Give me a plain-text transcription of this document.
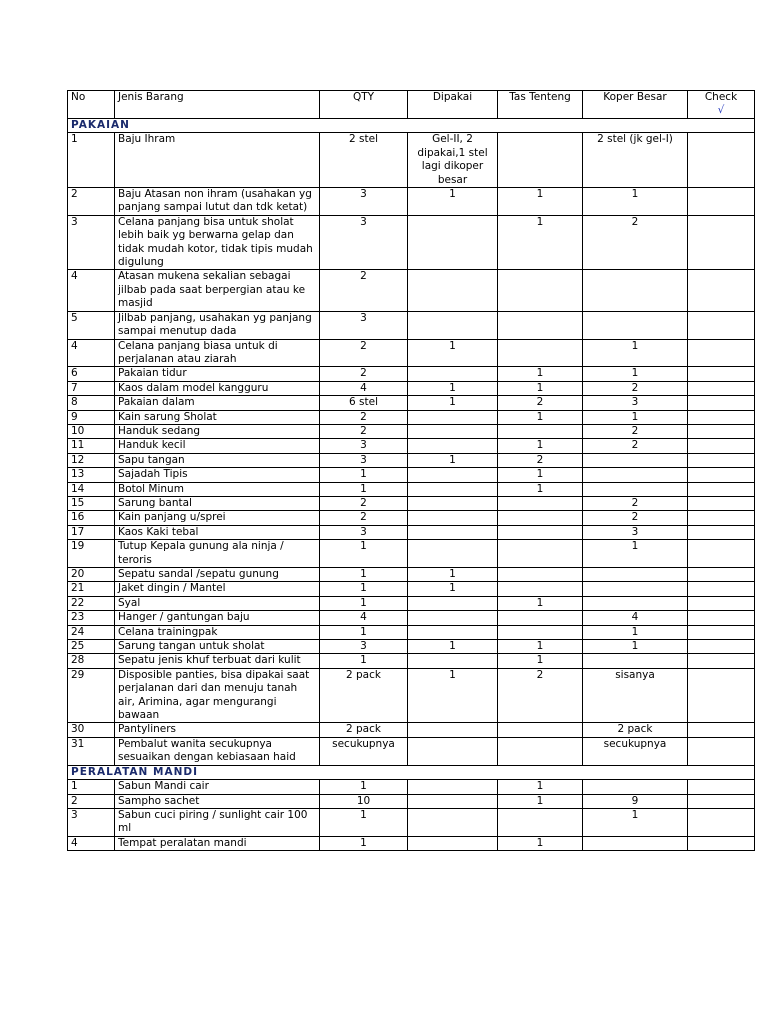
No	Jenis Barang	QTY	Dipakai	Tas Tenteng	Koper Besar	Check
√
PAKAIAN						
1	Baju Ihram	2 stel	Gel-II, 2 dipakai,1 stel lagi dikoper besar		2 stel (jk gel-I)	
2	Baju Atasan non ihram (usahakan yg panjang sampai lutut dan tdk ketat)	3	1	1	1	
3	Celana panjang bisa untuk sholat lebih baik yg berwarna gelap dan tidak mudah kotor, tidak tipis mudah digulung	3		1	2	
4	Atasan mukena sekalian sebagai jilbab pada saat berpergian atau ke masjid	2				
5	Jilbab panjang, usahakan yg panjang sampai menutup dada	3				
4	Celana panjang biasa untuk di perjalanan atau ziarah	2	1		1	
6	Pakaian tidur	2		1	1	
7	Kaos dalam model kangguru	4	1	1	2	
8	Pakaian dalam	6 stel	1	2	3	
9	Kain sarung Sholat	2		1	1	
10	Handuk sedang	2			2	
11	Handuk kecil	3		1	2	
12	Sapu tangan	3	1	2		
13	Sajadah Tipis	1		1		
14	Botol Minum	1		1		
15	Sarung bantal	2			2	
16	Kain panjang u/sprei	2			2	
17	Kaos Kaki tebal	3			3	
19	Tutup Kepala gunung ala ninja / teroris	1			1	
20	Sepatu sandal /sepatu gunung	1	1			
21	Jaket dingin / Mantel	1	1			
22	Syal	1		1		
23	Hanger / gantungan baju	4			4	
24	Celana trainingpak	1			1	
25	Sarung tangan untuk sholat	3	1	1	1	
28	Sepatu jenis khuf terbuat dari kulit	1		1		
29	Disposible panties, bisa dipakai saat perjalanan dari dan menuju tanah air, Arimina, agar mengurangi bawaan	2 pack	1	2	sisanya	
30	Pantyliners	2 pack			2 pack	
31	Pembalut wanita secukupnya sesuaikan dengan kebiasaan haid	secukupnya			secukupnya	
PERALATAN MANDI						
1	Sabun Mandi cair	1		1		
2	Sampho sachet	10		1	9	
3	Sabun cuci piring / sunlight cair 100 ml	1			1	
4	Tempat peralatan mandi	1		1		
